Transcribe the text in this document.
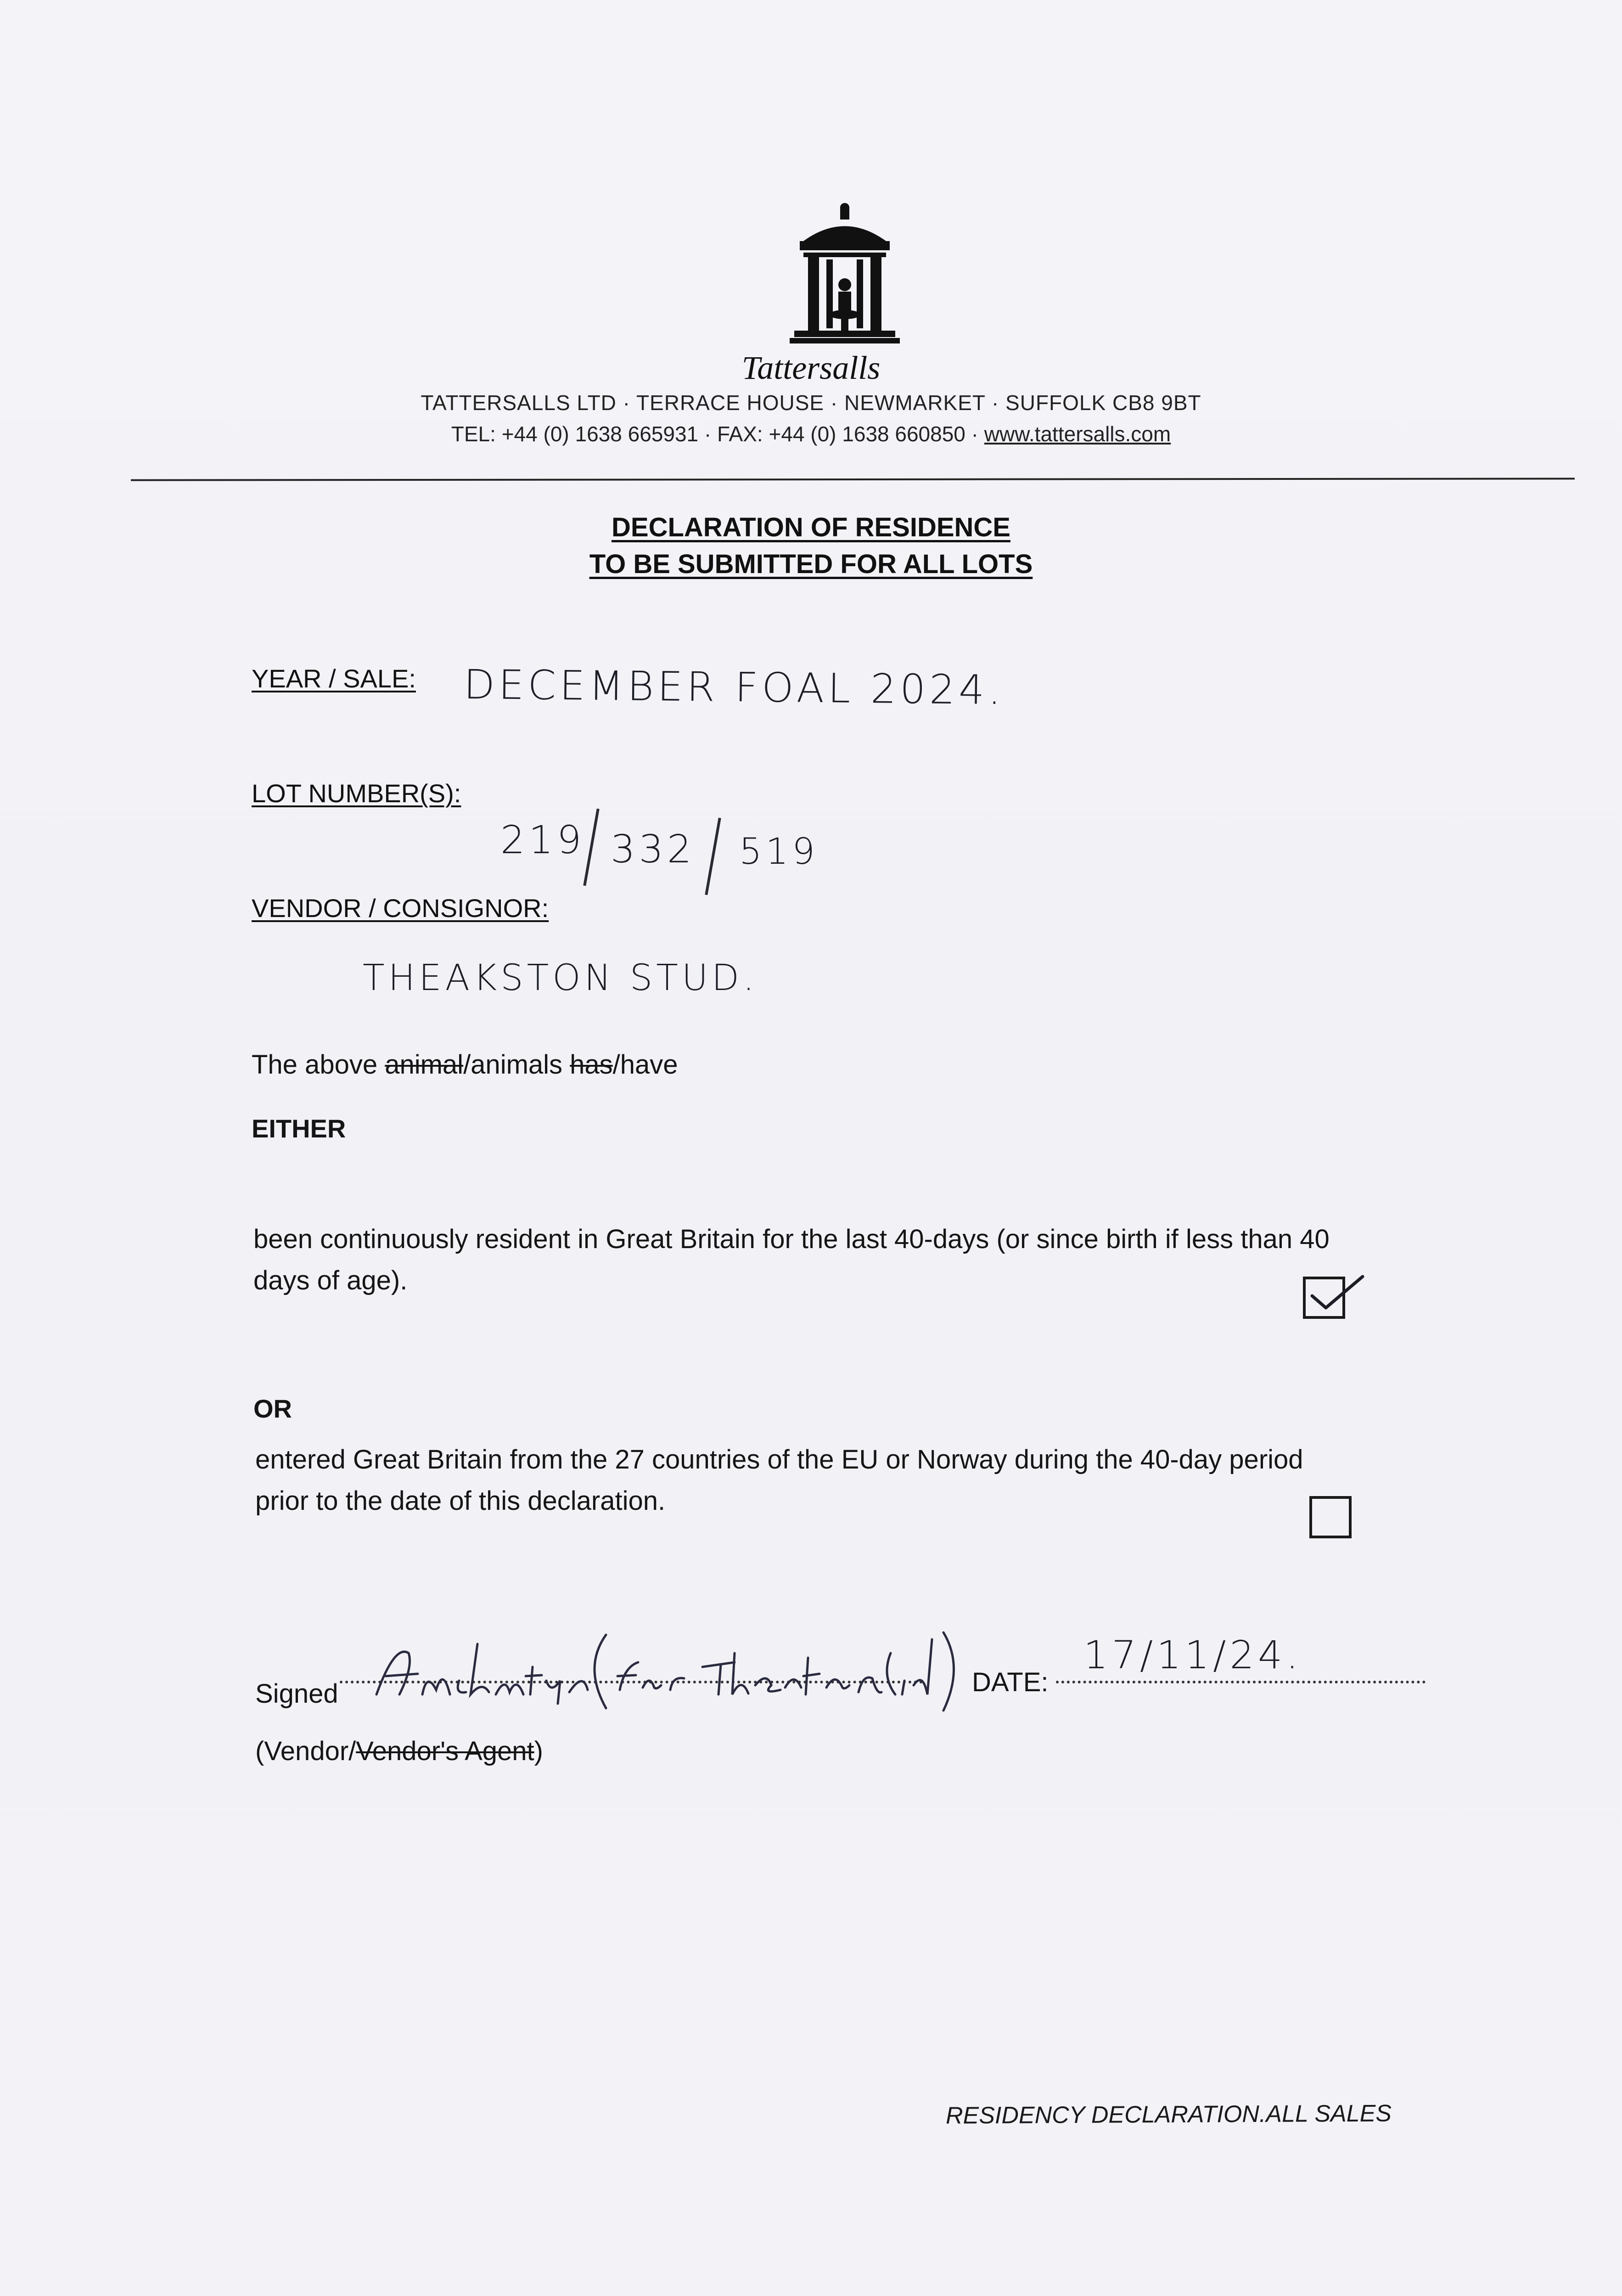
Tattersalls
TATTERSALLS LTD · TERRACE HOUSE · NEWMARKET · SUFFOLK CB8 9BT
TEL: +44 (0) 1638 665931 · FAX: +44 (0) 1638 660850 · www.tattersalls.com
DECLARATION OF RESIDENCE
TO BE SUBMITTED FOR ALL LOTS
YEAR / SALE: DECEMBER FOAL 2024.
LOT NUMBER(S):
219 332 519
VENDOR / CONSIGNOR:
THEAKSTON STUD.
The above animal/animals has/have
EITHER
been continuously resident in Great Britain for the last 40-days (or since birth if less than 40
days of age).
OR
entered Great Britain from the 27 countries of the EU or Norway during the 40-day period
prior to the date of this declaration.
Signed	DATE:
17/11/24.
(Vendor/Vendor's Agent)
RESIDENCY DECLARATION.ALL SALES
